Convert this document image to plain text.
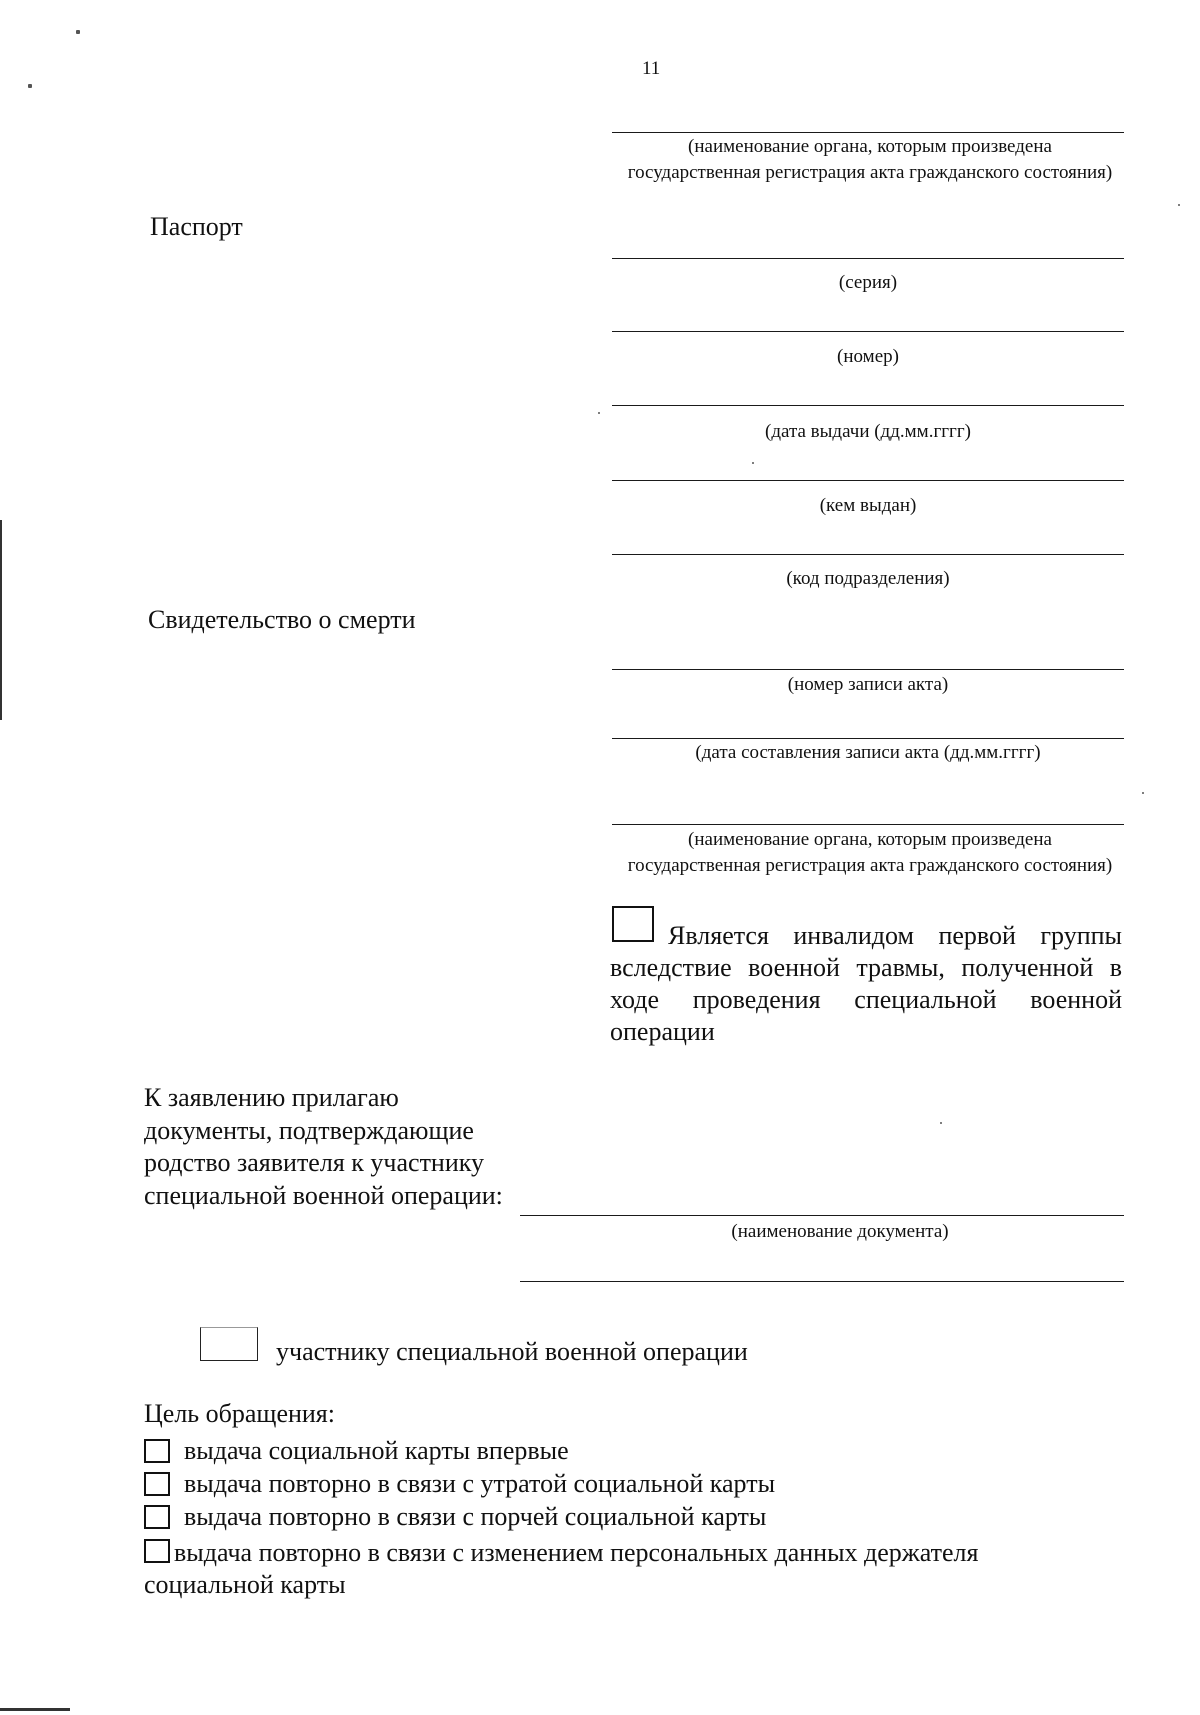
11
(наименование органа, которым произведена государственная регистрация акта гражданского состояния)
Паспорт
(серия)
(номер)
(дата выдачи (дд.мм.гггг)
(кем выдан)
(код подразделения)
Свидетельство о смерти
(номер записи акта)
(дата составления записи акта (дд.мм.гггг)
(наименование органа, которым произведена государственная регистрация акта гражданского состояния)
Является инвалидом первой группы вследствие военной травмы, полученной в ходе проведения специальной военной операции
К заявлению прилагаю документы, подтверждающие родство заявителя к участнику специальной военной операции:
(наименование документа)
участнику специальной военной операции
Цель обращения:
выдача социальной карты впервые
выдача повторно в связи с утратой социальной карты
выдача повторно в связи с порчей социальной карты
выдача повторно в связи с изменением персональных данных держателя социальной карты
